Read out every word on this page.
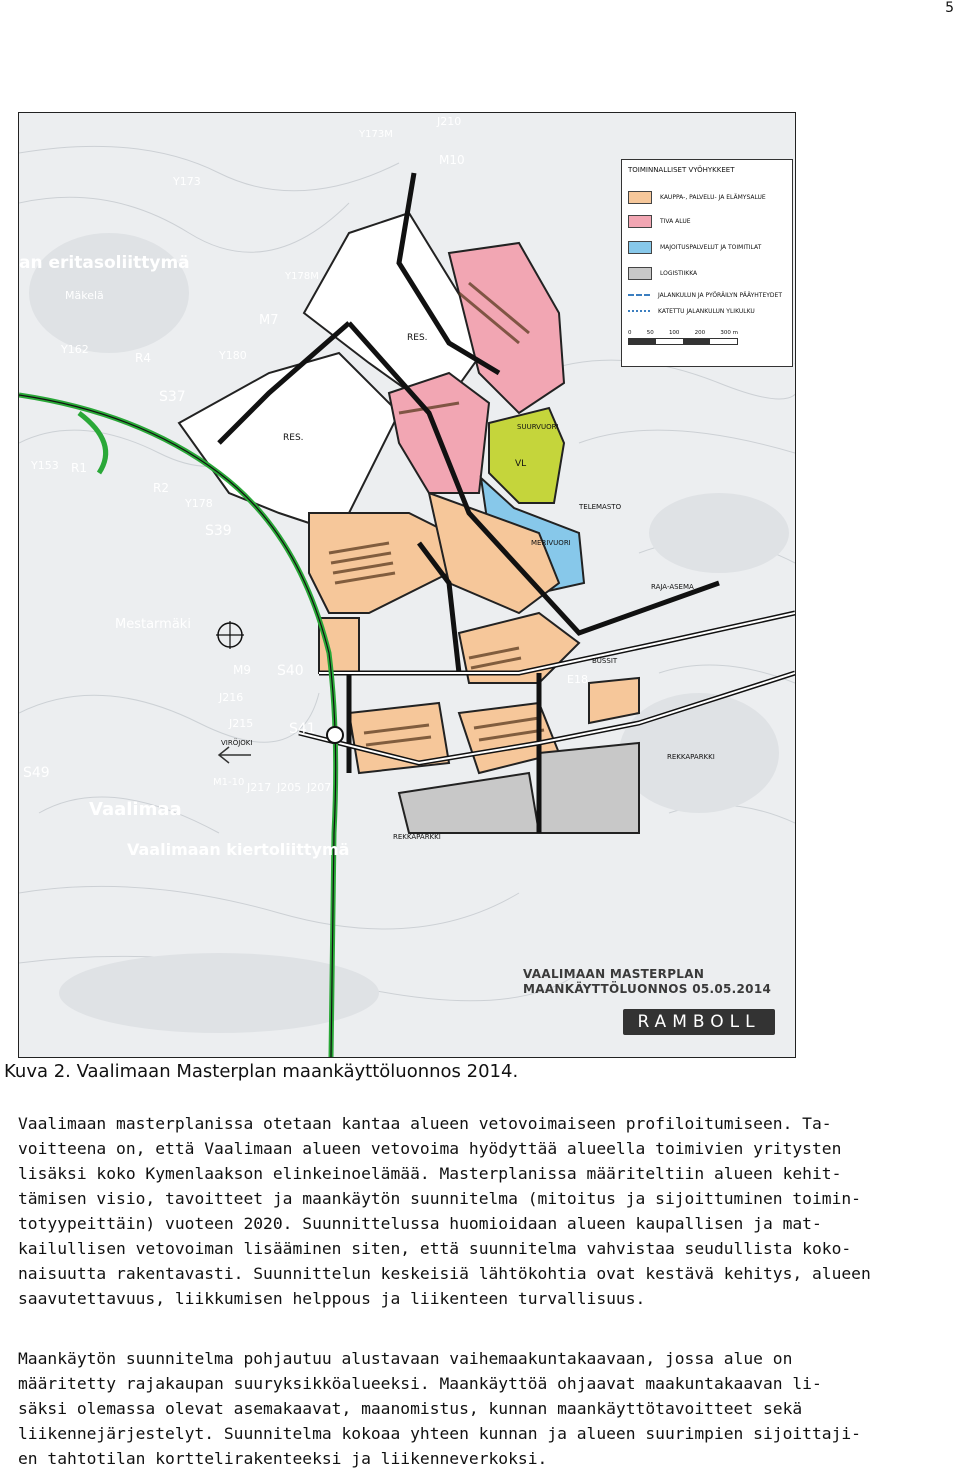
5
an eritasoliittymä
Vaalimaa
Vaalimaan kiertoliittymä
Mäkelä
Mestarmäki
RES.
RES.
SUURVUORI
VL
TELEMASTO
MERIVUORI
RAJA-ASEMA
BUSSIT
REKKAPARKKI
REKKAPARKKI
VIRÖJOKI
S37
S39
S40
S41
S49
M7
M9
M10
R1
R2
R4
Y153
Y162
Y173
Y173M
Y178
Y178M
Y180
J210
J215
J216
J217 J205 J207
M1-10
E18
TOIMINNALLISET VYÖHYKKEET
KAUPPA-, PALVELU- JA ELÄMYSALUE
TIVA ALUE
MAJOITUSPALVELUT JA TOIMITILAT
LOGISTIIKKA
JALANKULUN JA PYÖRÄILYN PÄÄYHTEYDET
KATETTU JALANKULUN YLIKULKU
0	50	100	200	300 m
VAALIMAAN MASTERPLAN
MAANKÄYTTÖLUONNOS 05.05.2014
RAMBOLL
Kuva 2. Vaalimaan Masterplan maankäyttöluonnos 2014.
Vaalimaan masterplanissa otetaan kantaa alueen vetovoimaiseen profiloitumiseen. Ta-
voitteena on, että Vaalimaan alueen vetovoima hyödyttää alueella toimivien yritysten
lisäksi koko Kymenlaakson elinkeinoelämää. Masterplanissa määriteltiin alueen kehit-
tämisen visio, tavoitteet ja maankäytön suunnitelma (mitoitus ja sijoittuminen toimin-
totyypeittäin) vuoteen 2020. Suunnittelussa huomioidaan alueen kaupallisen ja mat-
kailullisen vetovoiman lisääminen siten, että suunnitelma vahvistaa seudullista koko-
naisuutta rakentavasti. Suunnittelun keskeisiä lähtökohtia ovat kestävä kehitys, alueen
saavutettavuus, liikkumisen helppous ja liikenteen turvallisuus.
Maankäytön suunnitelma pohjautuu alustavaan vaihemaakuntakaavaan, jossa alue on
määritetty rajakaupan suuryksikköalueeksi. Maankäyttöä ohjaavat maakuntakaavan li-
säksi olemassa olevat asemakaavat, maanomistus, kunnan maankäyttötavoitteet sekä
liikennejärjestelyt. Suunnitelma kokoaa yhteen kunnan ja alueen suurimpien sijoittaji-
en tahtotilan korttelirakenteeksi ja liikenneverkoksi.
